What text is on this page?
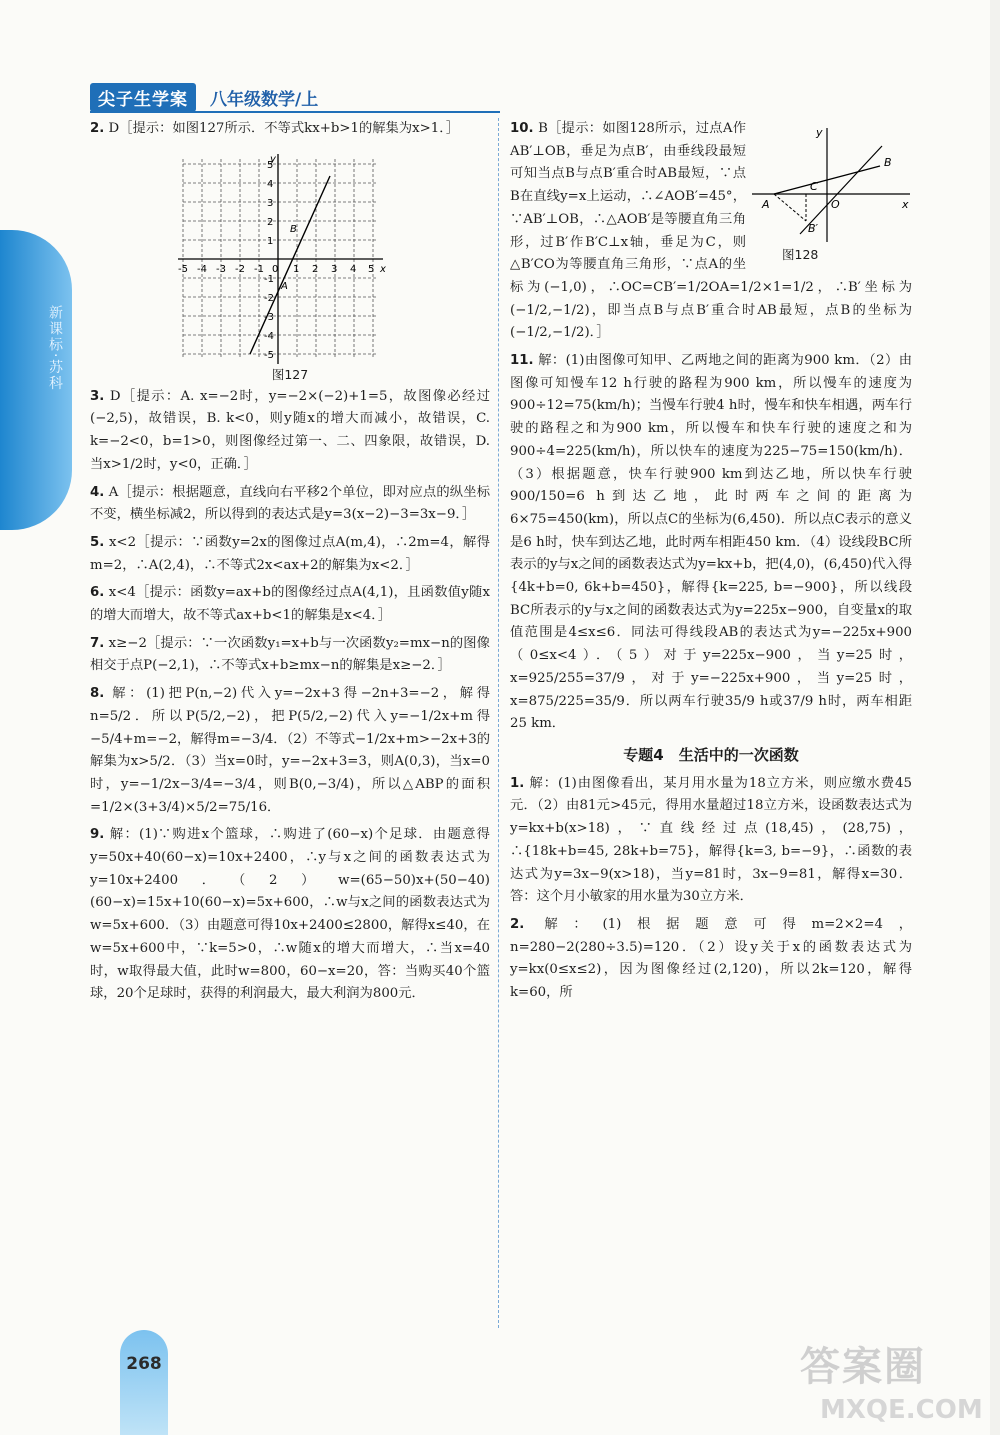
尖子生学案	八年级数学/上
新课标·苏科
268

2. D［提示：如图127所示．不等式kx+b>1的解集为x>1．］

-5 -4 -3 -2 -1 0 1 2 3 4 5
5
4
3
2
1
-1
-2
-3
-4
-5
B
A
x
y
图127

3. D［提示：A. x=−2时，y=−2×(−2)+1=5，故图像必经过(−2,5)，故错误，B. k<0，则y随x的增大而减小，故错误，C. k=−2<0，b=1>0，则图像经过第一、二、四象限，故错误，D. 当x>1/2时，y<0，正确．］

4. A［提示：根据题意，直线向右平移2个单位，即对应点的纵坐标不变，横坐标减2，所以得到的表达式是y=3(x−2)−3=3x−9．］

5. x<2［提示：∵函数y=2x的图像过点A(m,4)，∴2m=4，解得m=2，∴A(2,4)，∴不等式2x<ax+2的解集为x<2．］

6. x<4［提示：函数y=ax+b的图像经过点A(4,1)，且函数值y随x的增大而增大，故不等式ax+b<1的解集是x<4．］

7. x≥−2［提示：∵一次函数y₁=x+b与一次函数y₂=mx−n的图像相交于点P(−2,1)，∴不等式x+b≥mx−n的解集是x≥−2．］

8. 解：(1)把P(n,−2)代入y=−2x+3得−2n+3=−2，解得n=5/2．所以P(5/2,−2)，把P(5/2,−2)代入y=−1/2x+m得−5/4+m=−2，解得m=−3/4．（2）不等式−1/2x+m>−2x+3的解集为x>5/2．（3）当x=0时，y=−2x+3=3，则A(0,3)，当x=0时，y=−1/2x−3/4=−3/4，则B(0,−3/4)，所以△ABP的面积=1/2×(3+3/4)×5/2=75/16．

9. 解：(1)∵购进x个篮球，∴购进了(60−x)个足球．由题意得y=50x+40(60−x)=10x+2400，∴y与x之间的函数表达式为y=10x+2400．（2）w=(65−50)x+(50−40)(60−x)=15x+10(60−x)=5x+600，∴w与x之间的函数表达式为w=5x+600．（3）由题意可得10x+2400≤2800，解得x≤40，在w=5x+600中，∵k=5>0，∴w随x的增大而增大，∴当x=40时，w取得最大值，此时w=800，60−x=20，答：当购买40个篮球，20个足球时，获得的利润最大，最大利润为800元．

A
C
O
B
B′
x
y
图128
10. B［提示：如图128所示，过点A作AB′⊥OB，垂足为点B′，由垂线段最短可知当点B与点B′重合时AB最短，∵点B在直线y=x上运动，∴∠AOB′=45°，∵AB′⊥OB，∴△AOB′是等腰直角三角形，过B′作B′C⊥x轴，垂足为C，则△B′CO为等腰直角三角形，∵点A的坐标为(−1,0)，∴OC=CB′=1/2OA=1/2×1=1/2，∴B′坐标为(−1/2,−1/2)，即当点B与点B′重合时AB最短，点B的坐标为(−1/2,−1/2)．］

11. 解：(1)由图像可知甲、乙两地之间的距离为900 km．（2）由图像可知慢车12 h行驶的路程为900 km，所以慢车的速度为900÷12=75(km/h)；当慢车行驶4 h时，慢车和快车相遇，两车行驶的路程之和为900 km，所以慢车和快车行驶的速度之和为900÷4=225(km/h)，所以快车的速度为225−75=150(km/h)．（3）根据题意，快车行驶900 km到达乙地，所以快车行驶900/150=6 h到达乙地，此时两车之间的距离为6×75=450(km)，所以点C的坐标为(6,450)．所以点C表示的意义是6 h时，快车到达乙地，此时两车相距450 km．（4）设线段BC所表示的y与x之间的函数表达式为y=kx+b，把(4,0)，(6,450)代入得{4k+b=0, 6k+b=450}，解得{k=225, b=−900}，所以线段BC所表示的y与x之间的函数表达式为y=225x−900，自变量x的取值范围是4≤x≤6．同法可得线段AB的表达式为y=−225x+900（0≤x<4）．（5）对于y=225x−900，当y=25时，x=925/255=37/9，对于y=−225x+900，当y=25时，x=875/225=35/9．所以两车行驶35/9 h或37/9 h时，两车相距25 km．

专题4　生活中的一次函数

1. 解：(1)由图像看出，某月用水量为18立方米，则应缴水费45元．（2）由81元>45元，得用水量超过18立方米，设函数表达式为y=kx+b(x>18)，∵直线经过点(18,45)，(28,75)，∴{18k+b=45, 28k+b=75}，解得{k=3, b=−9}，∴函数的表达式为y=3x−9(x>18)，当y=81时，3x−9=81，解得x=30．答：这个月小敏家的用水量为30立方米．

2. 解：(1)根据题意可得m=2×2=4，n=280−2(280÷3.5)=120．（2）设y关于x的函数表达式为y=kx(0≤x≤2)，因为图像经过(2,120)，所以2k=120，解得k=60，所

答案圈
MXQE.COM
